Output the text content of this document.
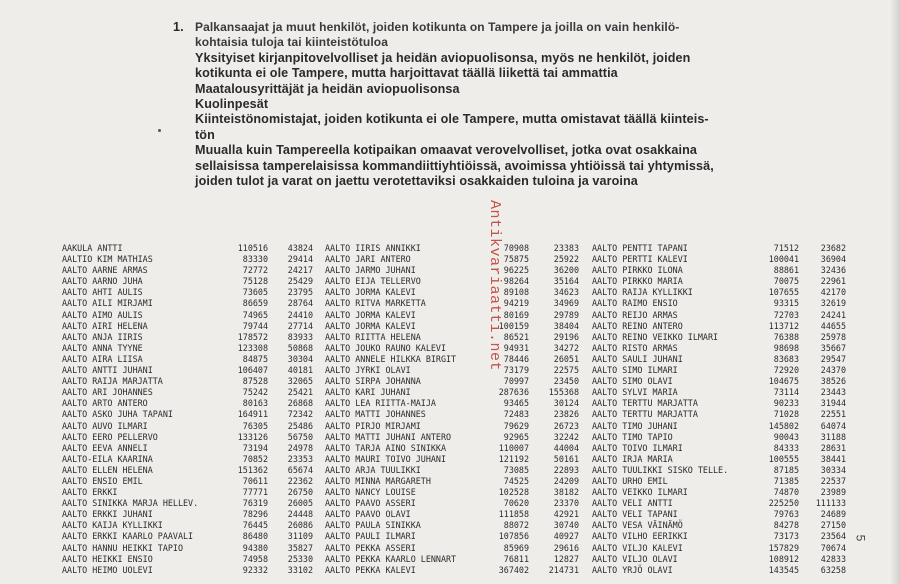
1. Palkansaajat ja muut henkilöt, joiden kotikunta on Tampere ja joilla on vain henkilö-
kohtaisia tuloja tai kiinteistötuloa
Yksityiset kirjanpitovelvolliset ja heidän aviopuolisonsa, myös ne henkilöt, joiden
kotikunta ei ole Tampere, mutta harjoittavat täällä liikettä tai ammattia
Maatalousyrittäjät ja heidän aviopuolisonsa
Kuolinpesät
Kiinteistönomistajat, joiden kotikunta ei ole Tampere, mutta omistavat täällä kiinteis-
tön
Muualla kuin Tampereella kotipaikan omaavat verovelvolliset, jotka ovat osakkaina
sellaisissa tamperelaisissa kommandiittiyhtiöissä, avoimissa yhtiöissä tai yhtymissä,
joiden tulot ja varat on jaettu verotettaviksi osakkaiden tuloina ja varoina
Antikvariaatti.net
AAKULA ANTTI	110516	43824
AALTIO KIM MATHIAS	83330	29414
AALTO AARNE ARMAS	72772	24217
AALTO AARNO JUHA	75128	25429
AALTO AHTI AULIS	73605	23795
AALTO AILI MIRJAMI	86659	28764
AALTO AIMO AULIS	74965	24410
AALTO AIRI HELENA	79744	27714
AALTO ANJA IIRIS	178572	83933
AALTO ANNA TYYNE	123308	50868
AALTO AIRA LIISA	84875	30304
AALTO ANTTI JUHANI	106407	40181
AALTO RAIJA MARJATTA	87528	32065
AALTO ARI JOHANNES	75242	25421
AALTO ARTO ANTERO	80163	26868
AALTO ASKO JUHA TAPANI	164911	72342
AALTO AUVO ILMARI	76305	25486
AALTO EERO PELLERVO	133126	56750
AALTO EEVA ANNELI	73194	24978
AALTO-EILA KAARINA	70852	23353
AALTO ELLEN HELENA	151362	65674
AALTO ENSIO EMIL	70611	22362
AALTO ERKKI	77771	26750
AALTO SINIKKA MARJA HELLEV.	76319	26005
AALTO ERKKI JUHANI	78296	24448
AALTO KAIJA KYLLIKKI	76445	26086
AALTO ERKKI KAARLO PAAVALI	86480	31109
AALTO HANNU HEIKKI TAPIO	94380	35827
AALTO HEIKKI ENSIO	74958	25330
AALTO HEIMO UOLEVI	92332	33102
AALTO IIRIS ANNIKKI	70908	23383
AALTO JARI ANTERO	75875	25922
AALTO JARMO JUHANI	96225	36200
AALTO EIJA TELLERVO	98264	35164
AALTO JORMA KALEVI	89108	34623
AALTO RITVA MARKETTA	94219	34969
AALTO JORMA KALEVI	80169	29789
AALTO JORMA KALEVI	100159	38404
AALTO RIITTA HELENA	86521	29196
AALTO JOUKO RAUNO KALEVI	94931	34272
AALTO ANNELE HILKKA BIRGIT	78446	26051
AALTO JYRKI OLAVI	73179	22575
AALTO SIRPA JOHANNA	70997	23450
AALTO KARI JUHANI	287636	155368
AALTO LEA RIITTA-MAIJA	93465	30124
AALTO MATTI JOHANNES	72483	23826
AALTO PIRJO MIRJAMI	79629	26723
AALTO MATTI JUHANI ANTERO	92965	32242
AALTO TARJA AINO SINIKKA	110007	44004
AALTO MAURI TOIVO JUHANI	121192	50161
AALTO ARJA TUULIKKI	73085	22893
AALTO MINNA MARGARETH	74525	24209
AALTO NANCY LOUISE	102528	38182
AALTO PAAVO ASSERI	70620	23370
AALTO PAAVO OLAVI	111858	42921
AALTO PAULA SINIKKA	88072	30740
AALTO PAULI ILMARI	107856	40927
AALTO PEKKA ASSERI	85969	29616
AALTO PEKKA KAARLO LENNART	76811	12827
AALTO PEKKA KALEVI	367402	214731
AALTO PENTTI TAPANI	71512	23682
AALTO PERTTI KALEVI	100041	36904
AALTO PIRKKO ILONA	88861	32436
AALTO PIRKKO MARIA	70075	22961
AALTO RAIJA KYLLIKKI	107655	42170
AALTO RAIMO ENSIO	93315	32619
AALTO REIJO ARMAS	72703	24241
AALTO REINO ANTERO	113712	44655
AALTO REINO VEIKKO ILMARI	76388	25978
AALTO RISTO ARMAS	98698	35667
AALTO SAULI JUHANI	83683	29547
AALTO SIMO ILMARI	72920	24370
AALTO SIMO OLAVI	104675	38526
AALTO SYLVI MARIA	73114	23443
AALTO TERTTU MARJATTA	90233	31944
AALTO TERTTU MARJATTA	71028	22551
AALTO TIMO JUHANI	145802	64074
AALTO TIMO TAPIO	90043	31188
AALTO TOIVO ILMARI	84333	28631
AALTO IRJA MARIA	100555	38441
AALTO TUULIKKI SISKO TELLE.	87185	30334
AALTO URHO EMIL	71385	22537
AALTO VEIKKO ILMARI	74870	23989
AALTO VELI ANTTI	225250	111133
AALTO VELI TAPANI	79763	24689
AALTO VESA VÄINÄMÖ	84278	27150
AALTO VILHO EERIKKI	73173	23564
AALTO VILJO KALEVI	157829	70674
AALTO VILJO OLAVI	108912	42833
AALTO YRJÖ OLAVI	143545	63258
5
